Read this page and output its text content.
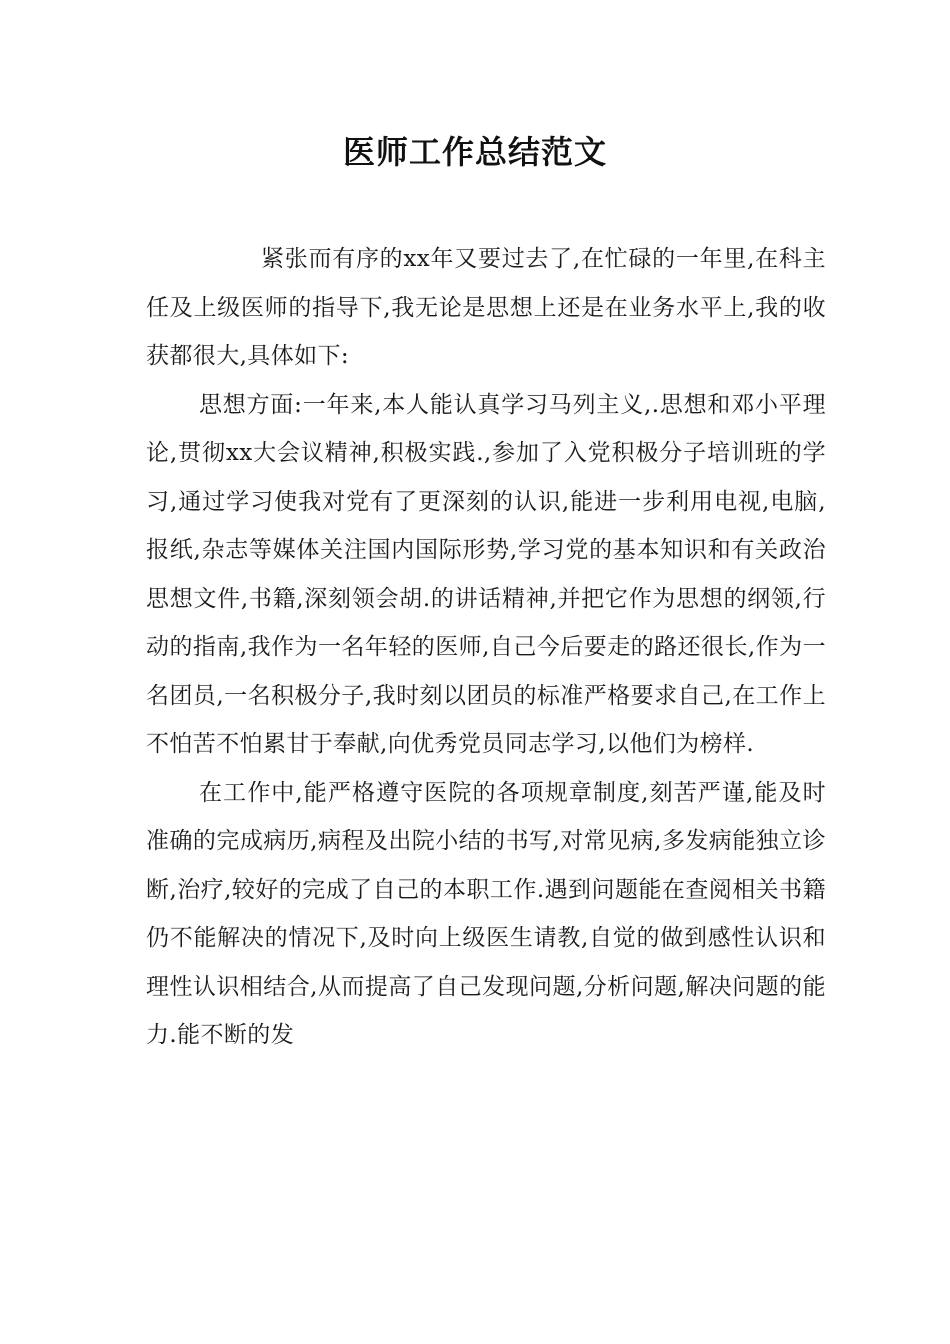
医师工作总结范文

紧张而有序的xx年又要过去了,在忙碌的一年里,在科主任及上级医师的指导下,我无论是思想上还是在业务水平上,我的收获都很大,具体如下:

思想方面:一年来,本人能认真学习马列主义,.思想和邓小平理论,贯彻xx大会议精神,积极实践.,参加了入党积极分子培训班的学习,通过学习使我对党有了更深刻的认识,能进一步利用电视,电脑,报纸,杂志等媒体关注国内国际形势,学习党的基本知识和有关政治思想文件,书籍,深刻领会胡.的讲话精神,并把它作为思想的纲领,行动的指南,我作为一名年轻的医师,自己今后要走的路还很长,作为一名团员,一名积极分子,我时刻以团员的标准严格要求自己,在工作上不怕苦不怕累甘于奉献,向优秀党员同志学习,以他们为榜样.

在工作中,能严格遵守医院的各项规章制度,刻苦严谨,能及时准确的完成病历,病程及出院小结的书写,对常见病,多发病能独立诊断,治疗,较好的完成了自己的本职工作.遇到问题能在查阅相关书籍仍不能解决的情况下,及时向上级医生请教,自觉的做到感性认识和理性认识相结合,从而提高了自己发现问题,分析问题,解决问题的能力.能不断的发
